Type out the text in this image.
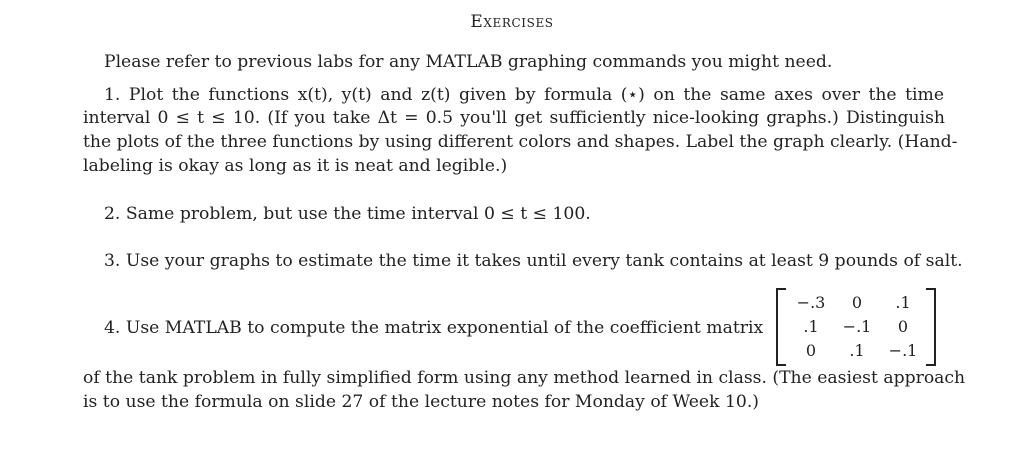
Exercises
Please refer to previous labs for any MATLAB graphing commands you might need.
1. Plot the functions x(t), y(t) and z(t) given by formula (⋆) on the same axes over the time
interval 0 ≤ t ≤ 10. (If you take Δt = 0.5 you'll get sufficiently nice-looking graphs.) Distinguish
the plots of the three functions by using different colors and shapes. Label the graph clearly. (Hand-
labeling is okay as long as it is neat and legible.)
2. Same problem, but use the time interval 0 ≤ t ≤ 100.
3. Use your graphs to estimate the time it takes until every tank contains at least 9 pounds of salt.
4. Use MATLAB to compute the matrix exponential of the coefficient matrix
−.3	0	.1
.1	−.1	0
0	.1	−.1
of the tank problem in fully simplified form using any method learned in class. (The easiest approach
is to use the formula on slide 27 of the lecture notes for Monday of Week 10.)
